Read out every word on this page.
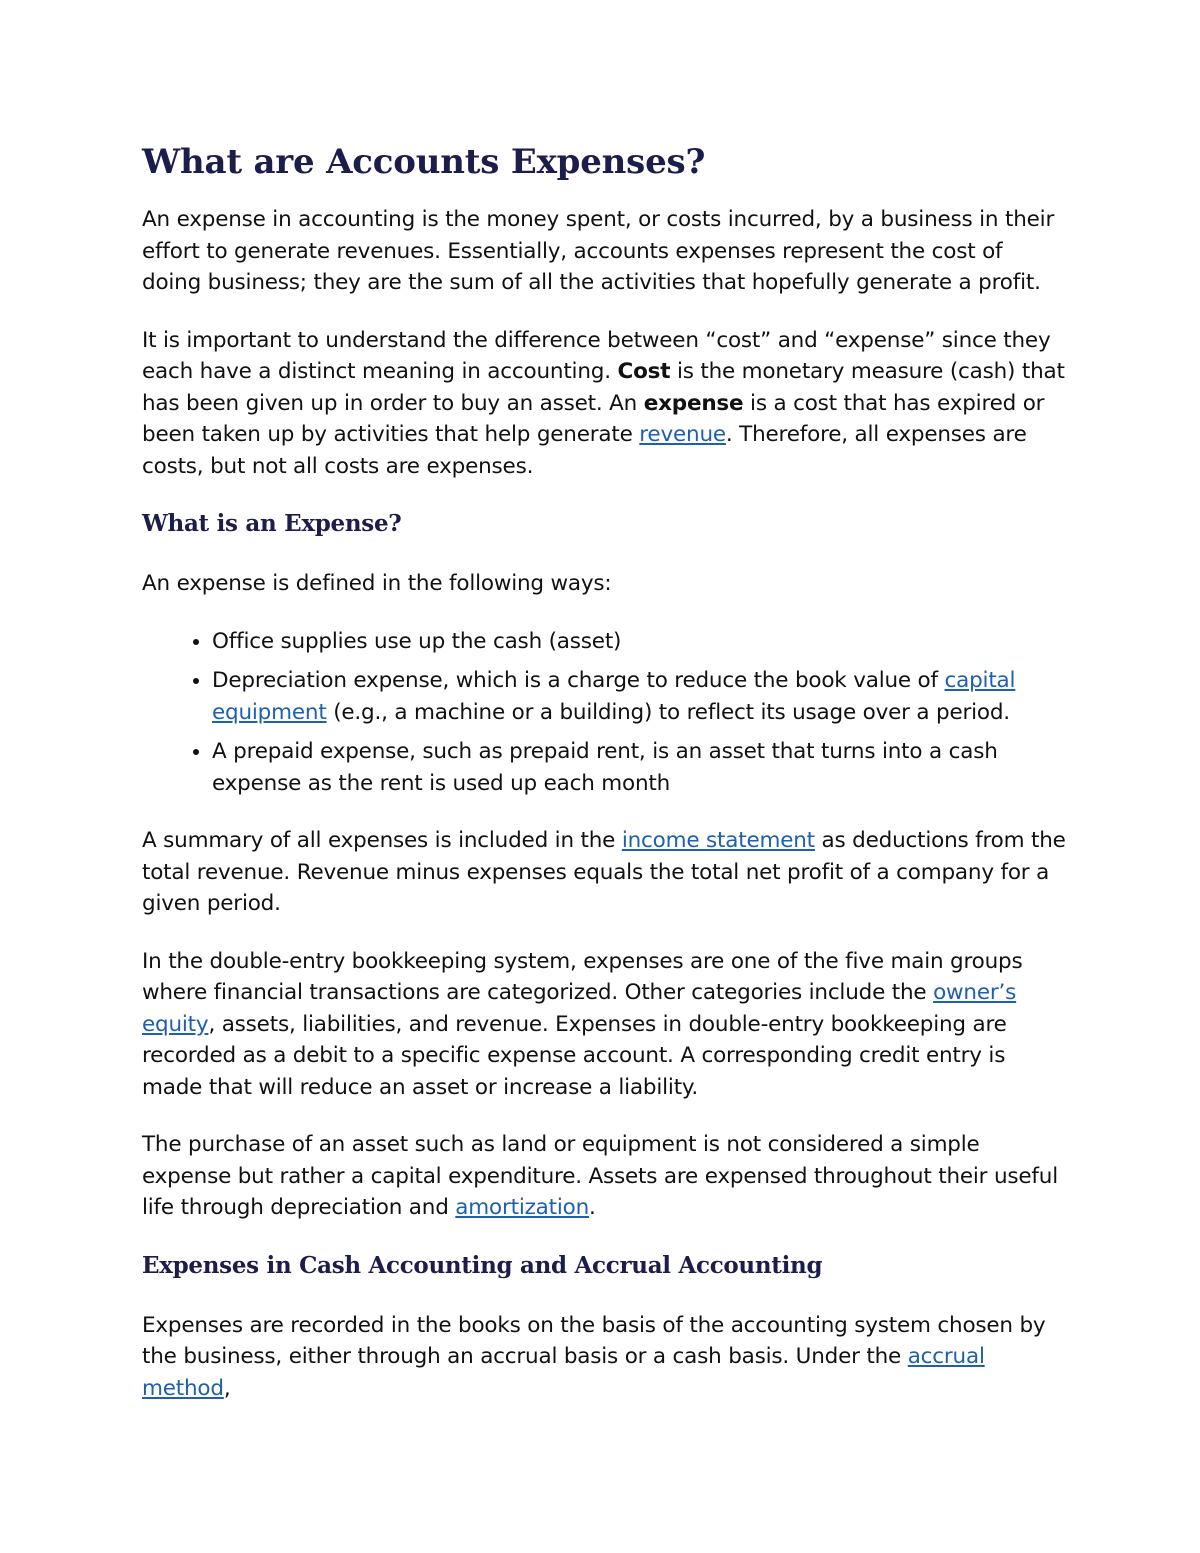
What are Accounts Expenses?

An expense in accounting is the money spent, or costs incurred, by a business in their effort to generate revenues. Essentially, accounts expenses represent the cost of doing business; they are the sum of all the activities that hopefully generate a profit.

It is important to understand the difference between “cost” and “expense” since they each have a distinct meaning in accounting. Cost is the monetary measure (cash) that has been given up in order to buy an asset. An expense is a cost that has expired or been taken up by activities that help generate revenue. Therefore, all expenses are costs, but not all costs are expenses.

What is an Expense?

An expense is defined in the following ways:

• Office supplies use up the cash (asset)
• Depreciation expense, which is a charge to reduce the book value of capital equipment (e.g., a machine or a building) to reflect its usage over a period.
• A prepaid expense, such as prepaid rent, is an asset that turns into a cash expense as the rent is used up each month

A summary of all expenses is included in the income statement as deductions from the total revenue. Revenue minus expenses equals the total net profit of a company for a given period.

In the double-entry bookkeeping system, expenses are one of the five main groups where financial transactions are categorized. Other categories include the owner’s equity, assets, liabilities, and revenue. Expenses in double-entry bookkeeping are recorded as a debit to a specific expense account. A corresponding credit entry is made that will reduce an asset or increase a liability.

The purchase of an asset such as land or equipment is not considered a simple expense but rather a capital expenditure. Assets are expensed throughout their useful life through depreciation and amortization.

Expenses in Cash Accounting and Accrual Accounting

Expenses are recorded in the books on the basis of the accounting system chosen by the business, either through an accrual basis or a cash basis. Under the accrual method,
